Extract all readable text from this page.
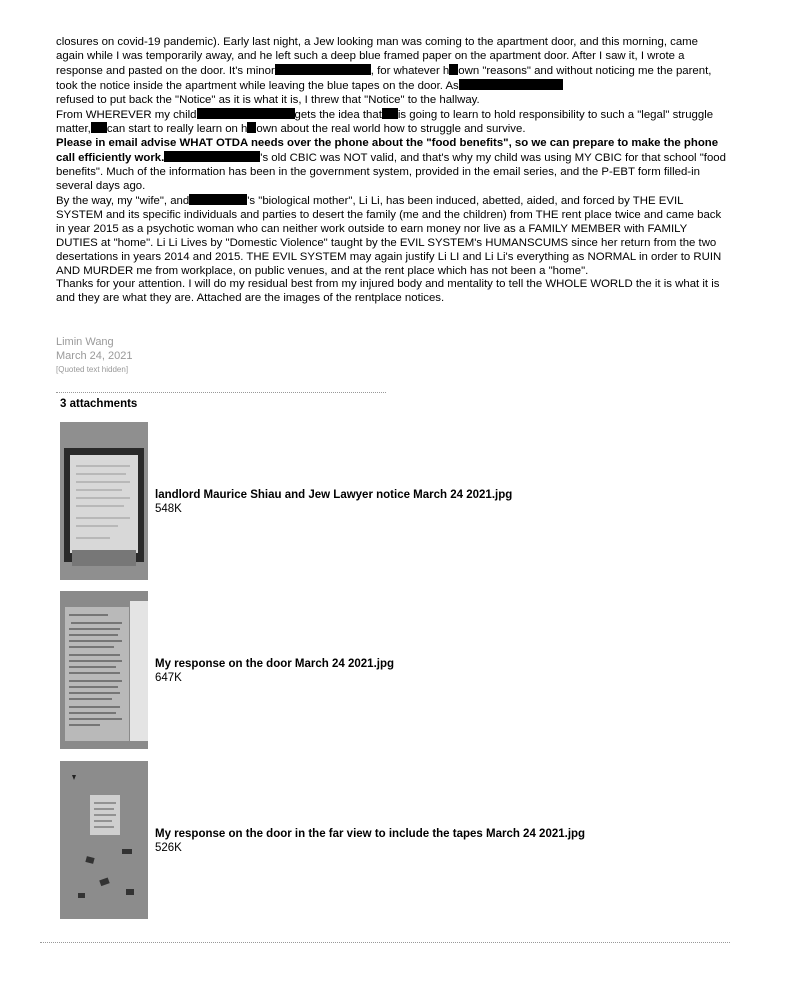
closures on covid-19 pandemic). Early last night, a Jew looking man was coming to the apartment door, and this morning, came again while I was temporarily away, and he left such a deep blue framed paper on the apartment door. After I saw it, I wrote a response and pasted on the door. It's minor	, for whatever h own "reasons" and without noticing me the parent, took the notice inside the apartment while leaving the blue tapes on the door. As
refused to put back the "Notice" as it is what it is, I threw that "Notice" to the hallway.

From WHEREVER my child	gets the idea that is going to learn to hold responsibility to such a "legal" struggle matter, can start to really learn on h own about the real world how to struggle and survive.

Please in email advise WHAT OTDA needs over the phone about the "food benefits", so we can prepare to make the phone call efficiently work.	's old CBIC was NOT valid, and that's why my child was using MY CBIC for that school "food benefits". Much of the information has been in the government system, provided in the email series, and the P-EBT form filled-in several days ago.

By the way, my "wife", and	's "biological mother", Li Li, has been induced, abetted, aided, and forced by THE EVIL SYSTEM and its specific individuals and parties to desert the family (me and the children) from THE rent place twice and came back in year 2015 as a psychotic woman who can neither work outside to earn money nor live as a FAMILY MEMBER with FAMILY DUTIES at "home". Li Li Lives by "Domestic Violence" taught by the EVIL SYSTEM's HUMANSCUMS since her return from the two desertations in years 2014 and 2015. THE EVIL SYSTEM may again justify Li LI and Li Li's everything as NORMAL in order to RUIN AND MURDER me from workplace, on public venues, and at the rent place which has not been a "home".

Thanks for your attention. I will do my residual best from my injured body and mentality to tell the WHOLE WORLD the it is what it is and they are what they are. Attached are the images of the rentplace notices.

Limin Wang
March 24, 2021
[Quoted text hidden]
3 attachments
landlord Maurice Shiau and Jew Lawyer notice March 24 2021.jpg
548K
My response on the door March 24 2021.jpg
647K
My response on the door in the far view to include the tapes March 24 2021.jpg
526K
